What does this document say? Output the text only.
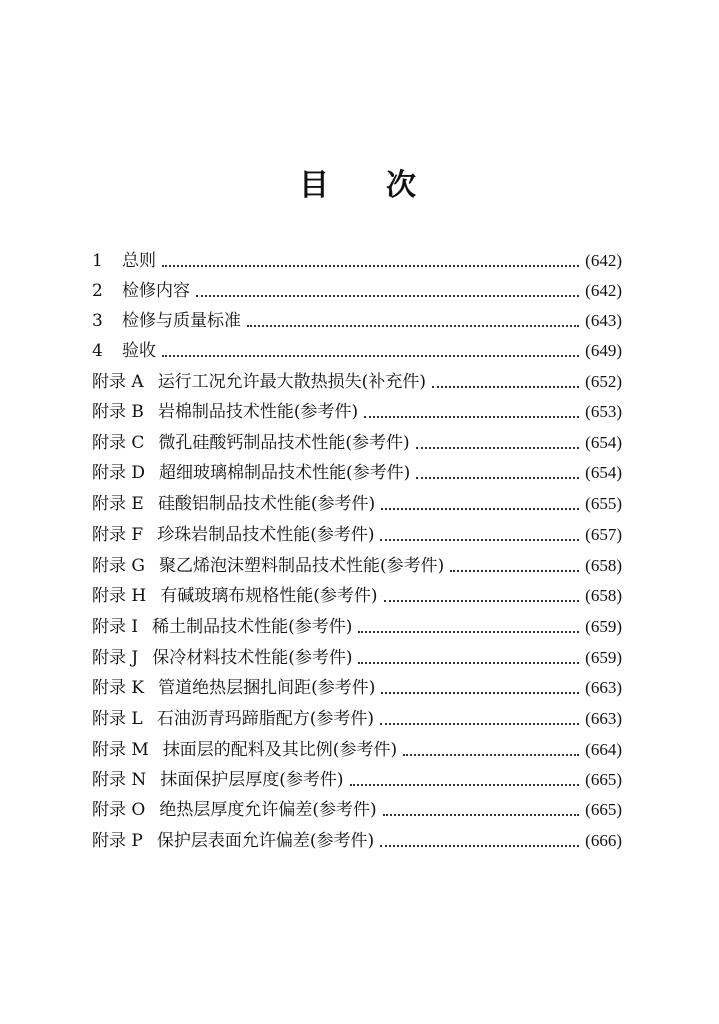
目 次
1	总则	(642)
2	检修内容	(642)
3	检修与质量标准	(643)
4	验收	(649)
附录 A 运行工况允许最大散热损失(补充件)	(652)
附录 B 岩棉制品技术性能(参考件)	(653)
附录 C 微孔硅酸钙制品技术性能(参考件)	(654)
附录 D 超细玻璃棉制品技术性能(参考件)	(654)
附录 E 硅酸铝制品技术性能(参考件)	(655)
附录 F 珍珠岩制品技术性能(参考件)	(657)
附录 G 聚乙烯泡沫塑料制品技术性能(参考件)	(658)
附录 H 有碱玻璃布规格性能(参考件)	(658)
附录 I 稀土制品技术性能(参考件)	(659)
附录 J 保冷材料技术性能(参考件)	(659)
附录 K 管道绝热层捆扎间距(参考件)	(663)
附录 L 石油沥青玛蹄脂配方(参考件)	(663)
附录 M 抹面层的配料及其比例(参考件)	(664)
附录 N 抹面保护层厚度(参考件)	(665)
附录 O 绝热层厚度允许偏差(参考件)	(665)
附录 P 保护层表面允许偏差(参考件)	(666)
